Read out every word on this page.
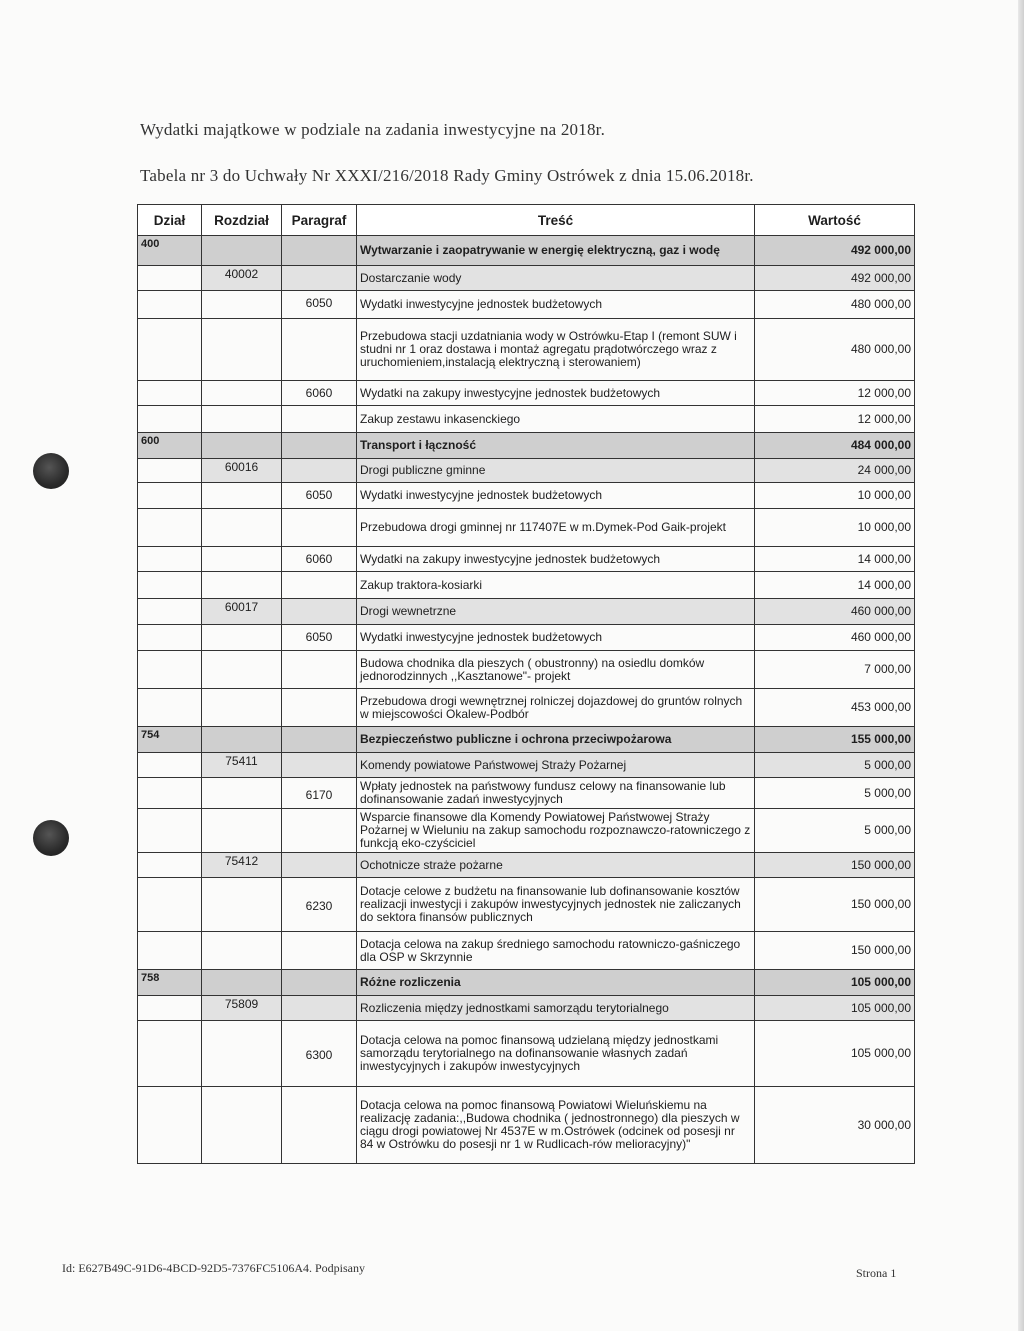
Wydatki majątkowe w podziale na zadania inwestycyjne na 2018r.
Tabela nr 3 do Uchwały Nr XXXI/216/2018 Rady Gminy Ostrówek z dnia 15.06.2018r.
Dział	Rozdział	Paragraf	Treść	Wartość
400			Wytwarzanie i zaopatrywanie w energię elektryczną, gaz i wodę	492 000,00
	40002		Dostarczanie wody	492 000,00
		6050	Wydatki inwestycyjne jednostek budżetowych	480 000,00
			Przebudowa stacji uzdatniania wody w Ostrówku-Etap I (remont SUW i studni nr 1 oraz dostawa i montaż agregatu prądotwórczego wraz z uruchomieniem,instalacją elektryczną i sterowaniem)	480 000,00
		6060	Wydatki na zakupy inwestycyjne jednostek budżetowych	12 000,00
			Zakup zestawu inkasenckiego	12 000,00
600			Transport i łączność	484 000,00
	60016		Drogi publiczne gminne	24 000,00
		6050	Wydatki inwestycyjne jednostek budżetowych	10 000,00
			Przebudowa drogi gminnej nr 117407E w m.Dymek-Pod Gaik-projekt	10 000,00
		6060	Wydatki na zakupy inwestycyjne jednostek budżetowych	14 000,00
			Zakup traktora-kosiarki	14 000,00
	60017		Drogi wewnetrzne	460 000,00
		6050	Wydatki inwestycyjne jednostek budżetowych	460 000,00
			Budowa chodnika dla pieszych ( obustronny) na osiedlu domków jednorodzinnych ,,Kasztanowe"- projekt	7 000,00
			Przebudowa drogi wewnętrznej rolniczej dojazdowej do gruntów rolnych w miejscowości Okalew-Podbór	453 000,00
754			Bezpieczeństwo publiczne i ochrona przeciwpożarowa	155 000,00
	75411		Komendy powiatowe Państwowej Straży Pożarnej	5 000,00
		6170	Wpłaty jednostek na państwowy fundusz celowy na finansowanie lub dofinansowanie zadań inwestycyjnych	5 000,00
			Wsparcie finansowe dla Komendy Powiatowej Państwowej Straży Pożarnej w Wieluniu na zakup samochodu rozpoznawczo-ratowniczego z funkcją eko-czyściciel	5 000,00
	75412		Ochotnicze straże pożarne	150 000,00
		6230	Dotacje celowe z budżetu na finansowanie lub dofinansowanie kosztów realizacji inwestycji i zakupów inwestycyjnych jednostek nie zaliczanych do sektora finansów publicznych	150 000,00
			Dotacja celowa na zakup średniego samochodu ratowniczo-gaśniczego dla OSP w Skrzynnie	150 000,00
758			Różne rozliczenia	105 000,00
	75809		Rozliczenia między jednostkami samorządu terytorialnego	105 000,00
		6300	Dotacja celowa na pomoc finansową udzielaną między jednostkami samorządu terytorialnego na dofinansowanie własnych zadań inwestycyjnych i zakupów inwestycyjnych	105 000,00
			Dotacja celowa na pomoc finansową Powiatowi Wieluńskiemu na realizację zadania:,,Budowa chodnika ( jednostronnego) dla pieszych w ciągu drogi powiatowej Nr 4537E w m.Ostrówek (odcinek od posesji nr 84 w Ostrówku do posesji nr 1 w Rudlicach-rów melioracyjny)"	30 000,00
Id: E627B49C-91D6-4BCD-92D5-7376FC5106A4. Podpisany	Strona 1
